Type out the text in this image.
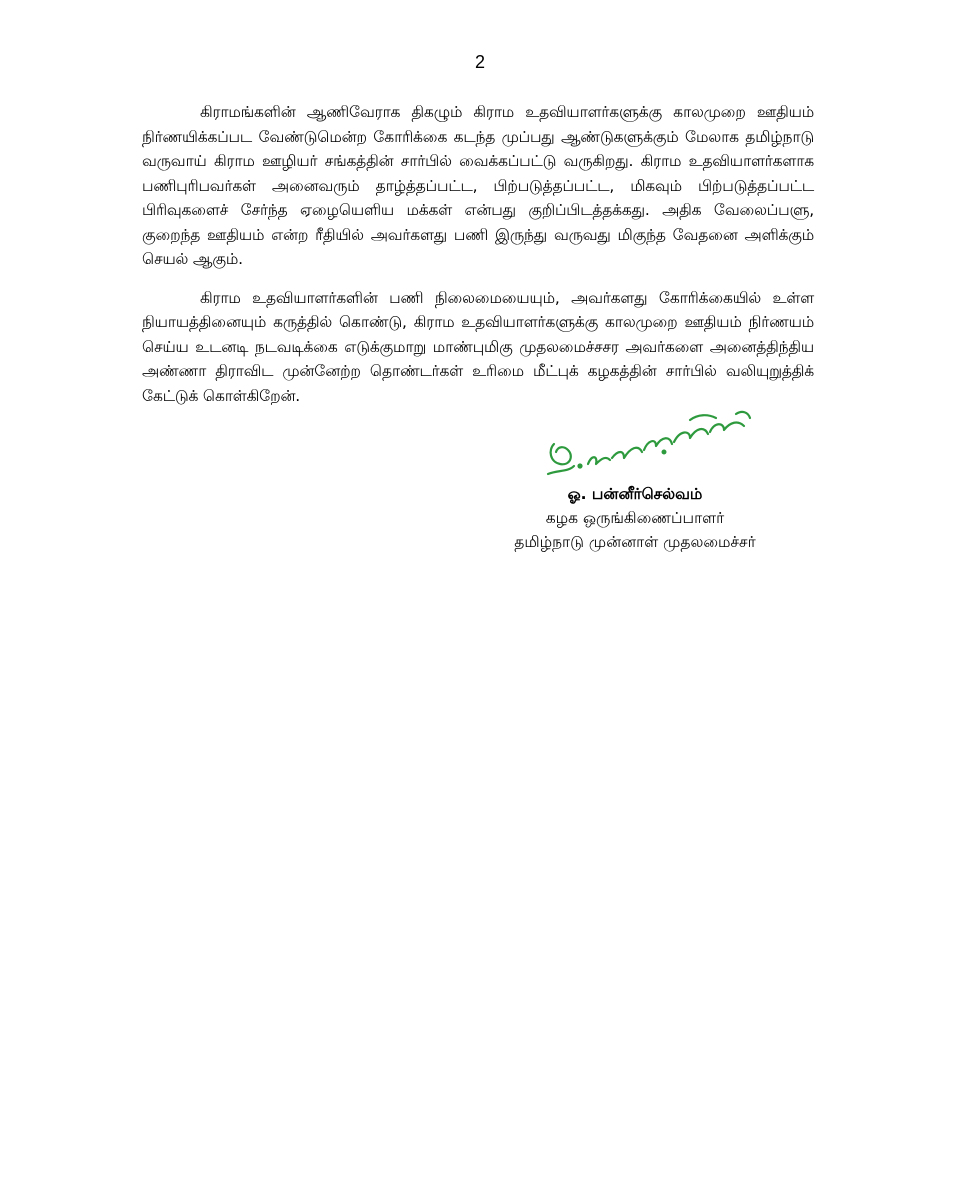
2

கிராமங்களின் ஆணிவேராக திகழும் கிராம உதவியாளர்களுக்கு காலமுறை ஊதியம் நிர்ணயிக்கப்பட வேண்டுமென்ற கோரிக்கை கடந்த முப்பது ஆண்டுகளுக்கும் மேலாக தமிழ்நாடு வருவாய் கிராம ஊழியர் சங்கத்தின் சார்பில் வைக்கப்பட்டு வருகிறது. கிராம உதவியாளர்களாக பணிபுரிபவர்கள் அனைவரும் தாழ்த்தப்பட்ட, பிற்படுத்தப்பட்ட, மிகவும் பிற்படுத்தப்பட்ட பிரிவுகளைச் சேர்ந்த ஏழையெளிய மக்கள் என்பது குறிப்பிடத்தக்கது. அதிக வேலைப்பளு, குறைந்த ஊதியம் என்ற ரீதியில் அவர்களது பணி இருந்து வருவது மிகுந்த வேதனை அளிக்கும் செயல் ஆகும்.

கிராம உதவியாளர்களின் பணி நிலைமையையும், அவர்களது கோரிக்கையில் உள்ள நியாயத்தினையும் கருத்தில் கொண்டு, கிராம உதவியாளர்களுக்கு காலமுறை ஊதியம் நிர்ணயம் செய்ய உடனடி நடவடிக்கை எடுக்குமாறு மாண்புமிகு முதலமைச்சசர அவர்களை அனைத்திந்திய அண்ணா திராவிட முன்னேற்ற தொண்டர்கள் உரிமை மீட்புக் கழகத்தின் சார்பில் வலியுறுத்திக் கேட்டுக் கொள்கிறேன்.

ஓ. பன்னீர்செல்வம்
கழக ஒருங்கிணைப்பாளர்
தமிழ்நாடு முன்னாள் முதலமைச்சர்
